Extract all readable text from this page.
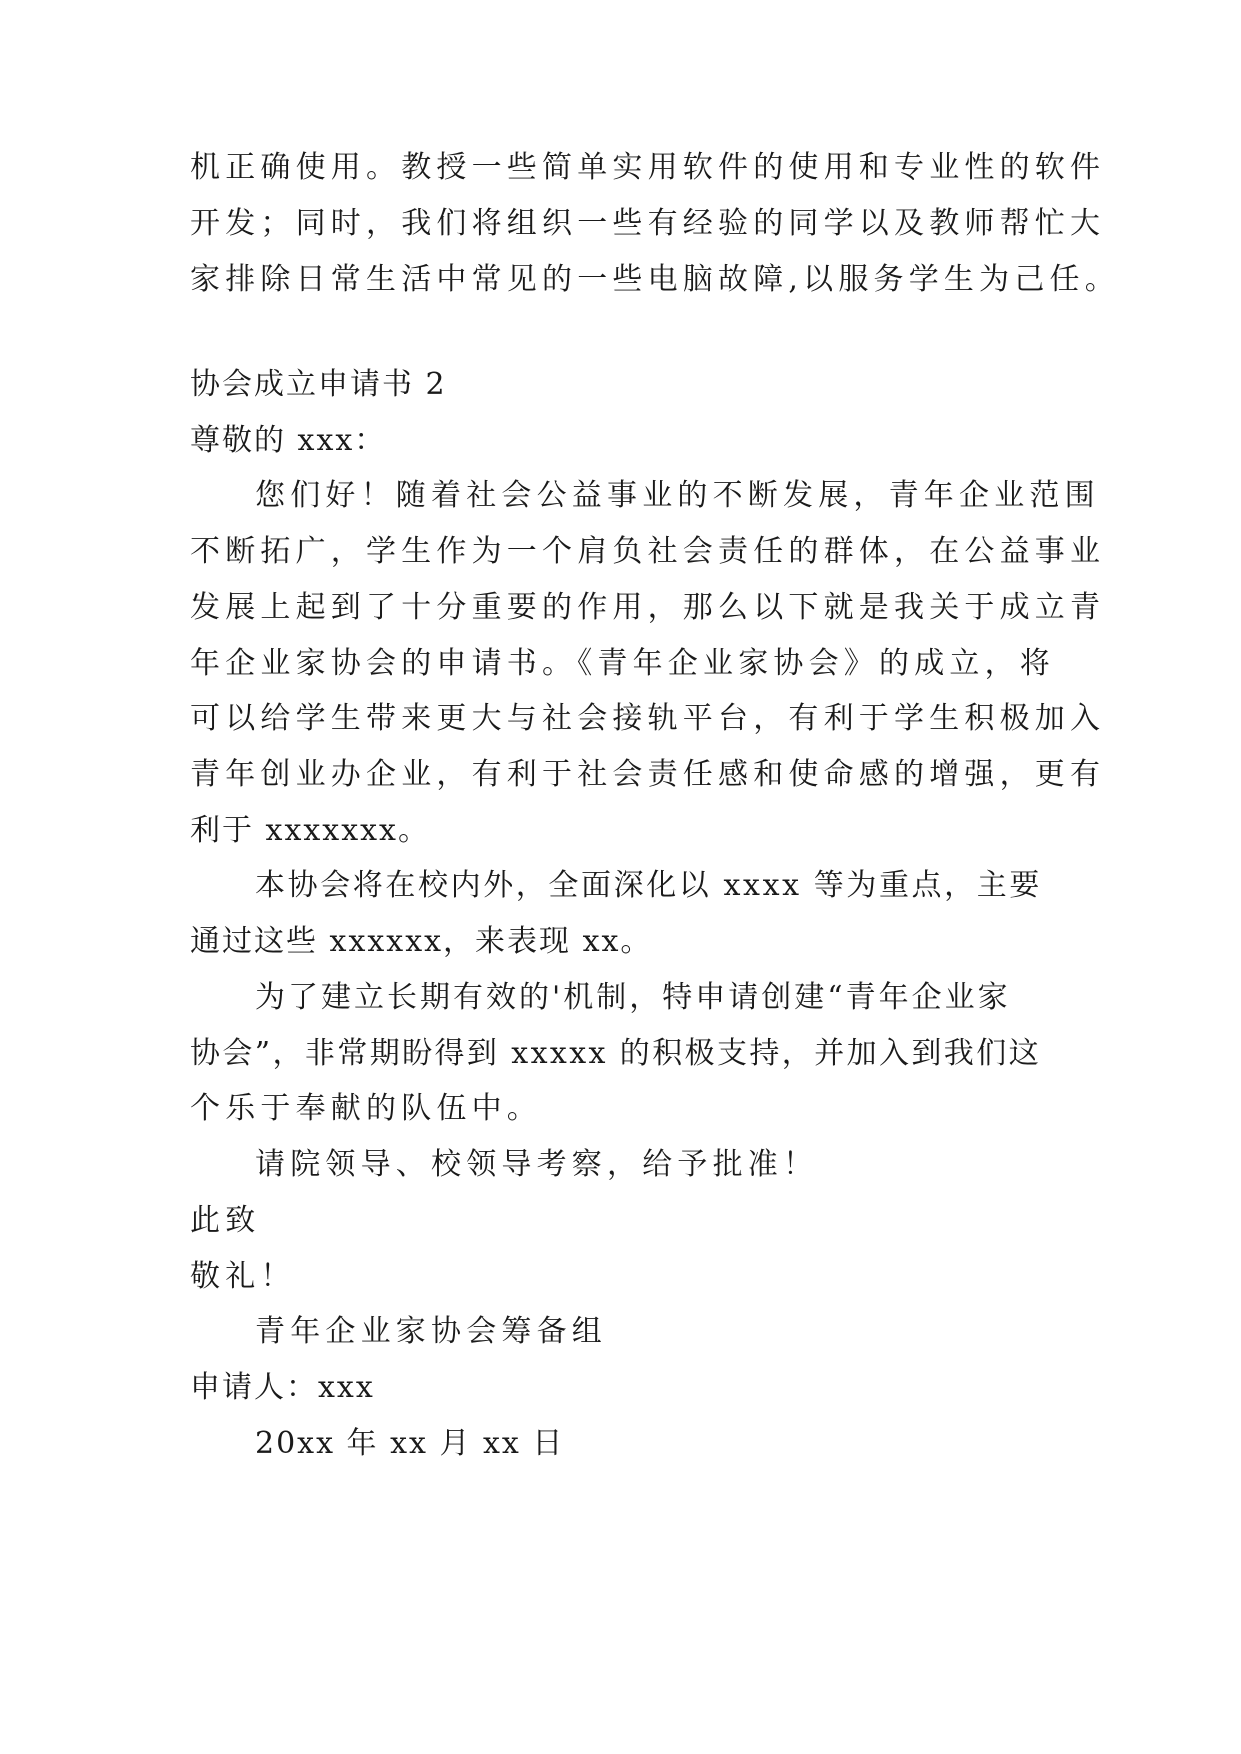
机正确使用。教授一些简单实用软件的使用和专业性的软件
开发；同时，我们将组织一些有经验的同学以及教师帮忙大
家排除日常生活中常见的一些电脑故障,以服务学生为己任。
协会成立申请书 2
尊敬的 xxx：
您们好！随着社会公益事业的不断发展，青年企业范围
不断拓广，学生作为一个肩负社会责任的群体，在公益事业
发展上起到了十分重要的作用，那么以下就是我关于成立青
年企业家协会的申请书。《青年企业家协会》的成立，将
可以给学生带来更大与社会接轨平台，有利于学生积极加入
青年创业办企业，有利于社会责任感和使命感的增强，更有
利于 xxxxxxx。
本协会将在校内外，全面深化以 xxxx 等为重点，主要
通过这些 xxxxxx，来表现 xx。
为了建立长期有效的'机制，特申请创建“青年企业家
协会”，非常期盼得到 xxxxx 的积极支持，并加入到我们这
个乐于奉献的队伍中。
请院领导、校领导考察，给予批准！
此致
敬礼！
青年企业家协会筹备组
申请人：xxx
20xx 年 xx 月 xx 日
